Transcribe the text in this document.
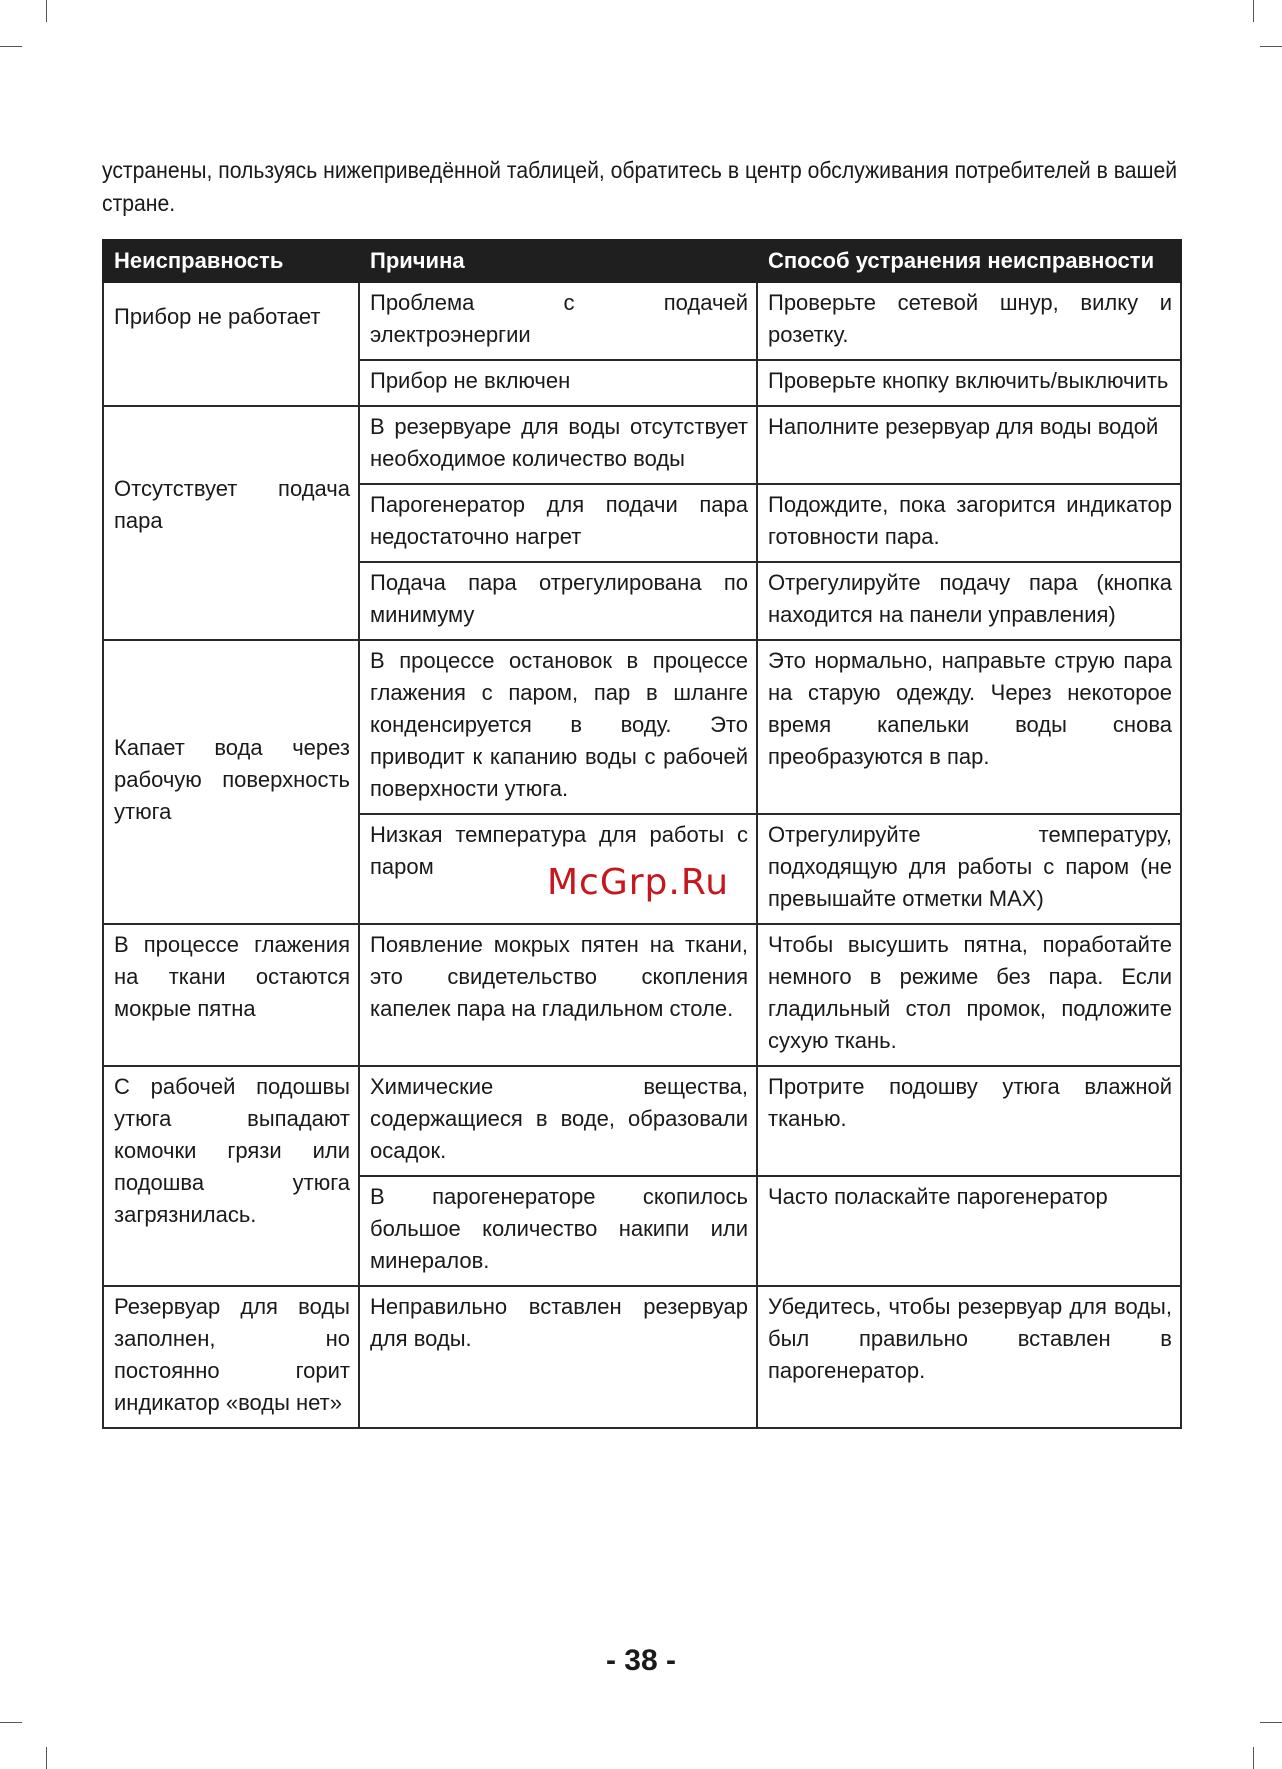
устранены, пользуясь нижеприведённой таблицей, обратитесь в центр обслуживания потребителей в вашей стране.
Неисправность	Причина	Способ устранения неисправности
Прибор не работает	Проблема с подачей электроэнергии	Проверьте сетевой шнур, вилку и розетку.
	Прибор не включен	Проверьте кнопку включить/выключить
Отсутствует подача пара	В резервуаре для воды отсутствует необходимое количество воды	Наполните резервуар для воды водой
	Парогенератор для подачи пара недостаточно нагрет	Подождите, пока загорится индикатор готовности пара.
	Подача пара отрегулирована по минимуму	Отрегулируйте подачу пара (кнопка находится на панели управления)
Капает вода через рабочую поверхность утюга	В процессе остановок в процессе глажения с паром, пар в шланге конденсируется в воду. Это приводит к капанию воды с рабочей поверхности утюга.	Это нормально, направьте струю пара на старую одежду. Через некоторое время капельки воды снова преобразуются в пар.
	Низкая температура для работы с паром	Отрегулируйте температуру, подходящую для работы с паром (не превышайте отметки MAX)
В процессе глажения на ткани остаются мокрые пятна	Появление мокрых пятен на ткани, это свидетельство скопления капелек пара на гладильном столе.	Чтобы высушить пятна, поработайте немного в режиме без пара. Если гладильный стол промок, подложите сухую ткань.
С рабочей подошвы утюга выпадают комочки грязи или подошва утюга загрязнилась.	Химические вещества, содержащиеся в воде, образовали осадок.	Протрите подошву утюга влажной тканью.
	В парогенераторе скопилось большое количество накипи или минералов.	Часто поласкайте парогенератор
Резервуар для воды заполнен, но постоянно горит индикатор «воды нет»	Неправильно вставлен резервуар для воды.	Убедитесь, чтобы резервуар для воды, был правильно вставлен в парогенератор.
McGrp.Ru
- 38 -
